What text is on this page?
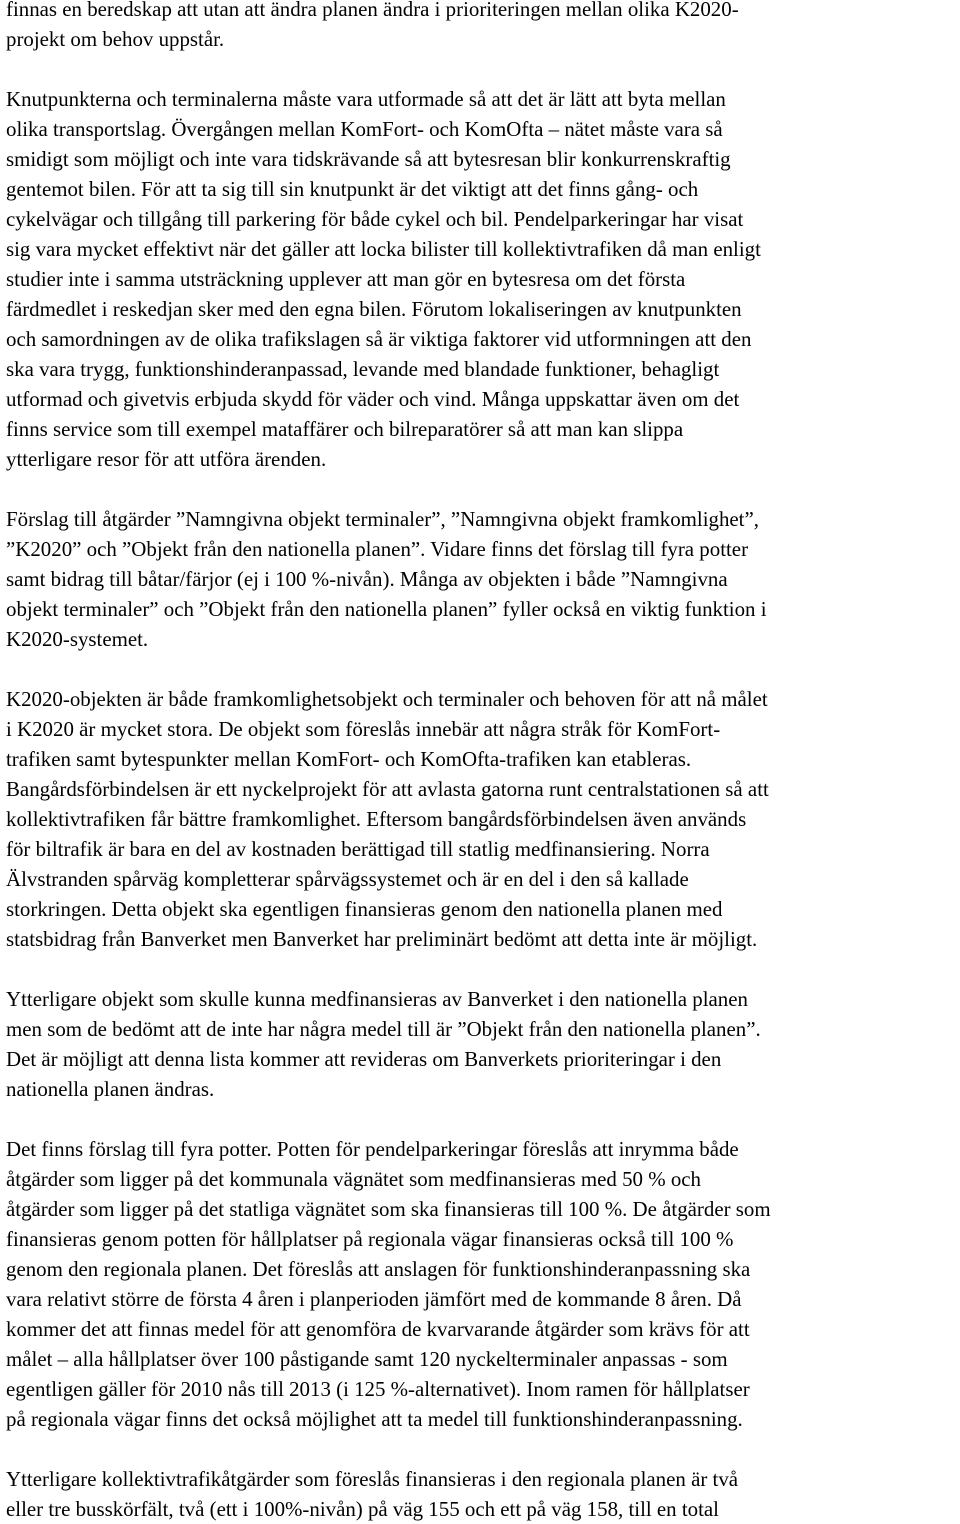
finnas en beredskap att utan att ändra planen ändra i prioriteringen mellan olika K2020-
projekt om behov uppstår.
Knutpunkterna och terminalerna måste vara utformade så att det är lätt att byta mellan
olika transportslag. Övergången mellan KomFort- och KomOfta – nätet måste vara så
smidigt som möjligt och inte vara tidskrävande så att bytesresan blir konkurrenskraftig
gentemot bilen. För att ta sig till sin knutpunkt är det viktigt att det finns gång- och
cykelvägar och tillgång till parkering för både cykel och bil. Pendelparkeringar har visat
sig vara mycket effektivt när det gäller att locka bilister till kollektivtrafiken då man enligt
studier inte i samma utsträckning upplever att man gör en bytesresa om det första
färdmedlet i reskedjan sker med den egna bilen. Förutom lokaliseringen av knutpunkten
och samordningen av de olika trafikslagen så är viktiga faktorer vid utformningen att den
ska vara trygg, funktionshinderanpassad, levande med blandade funktioner, behagligt
utformad och givetvis erbjuda skydd för väder och vind. Många uppskattar även om det
finns service som till exempel mataffärer och bilreparatörer så att man kan slippa
ytterligare resor för att utföra ärenden.
Förslag till åtgärder ”Namngivna objekt terminaler”, ”Namngivna objekt framkomlighet”,
”K2020” och ”Objekt från den nationella planen”. Vidare finns det förslag till fyra potter
samt bidrag till båtar/färjor (ej i 100 %-nivån). Många av objekten i både ”Namngivna
objekt terminaler” och ”Objekt från den nationella planen” fyller också en viktig funktion i
K2020-systemet.
K2020-objekten är både framkomlighetsobjekt och terminaler och behoven för att nå målet
i K2020 är mycket stora. De objekt som föreslås innebär att några stråk för KomFort-
trafiken samt bytespunkter mellan KomFort- och KomOfta-trafiken kan etableras.
Bangårdsförbindelsen är ett nyckelprojekt för att avlasta gatorna runt centralstationen så att
kollektivtrafiken får bättre framkomlighet. Eftersom bangårdsförbindelsen även används
för biltrafik är bara en del av kostnaden berättigad till statlig medfinansiering. Norra
Älvstranden spårväg kompletterar spårvägssystemet och är en del i den så kallade
storkringen. Detta objekt ska egentligen finansieras genom den nationella planen med
statsbidrag från Banverket men Banverket har preliminärt bedömt att detta inte är möjligt.
Ytterligare objekt som skulle kunna medfinansieras av Banverket i den nationella planen
men som de bedömt att de inte har några medel till är ”Objekt från den nationella planen”.
Det är möjligt att denna lista kommer att revideras om Banverkets prioriteringar i den
nationella planen ändras.
Det finns förslag till fyra potter. Potten för pendelparkeringar föreslås att inrymma både
åtgärder som ligger på det kommunala vägnätet som medfinansieras med 50 % och
åtgärder som ligger på det statliga vägnätet som ska finansieras till 100 %. De åtgärder som
finansieras genom potten för hållplatser på regionala vägar finansieras också till 100 %
genom den regionala planen. Det föreslås att anslagen för funktionshinderanpassning ska
vara relativt större de första 4 åren i planperioden jämfört med de kommande 8 åren. Då
kommer det att finnas medel för att genomföra de kvarvarande åtgärder som krävs för att
målet – alla hållplatser över 100 påstigande samt 120 nyckelterminaler anpassas - som
egentligen gäller för 2010 nås till 2013 (i 125 %-alternativet). Inom ramen för hållplatser
på regionala vägar finns det också möjlighet att ta medel till funktionshinderanpassning.
Ytterligare kollektivtrafikåtgärder som föreslås finansieras i den regionala planen är två
eller tre busskörfält, två (ett i 100%-nivån) på väg 155 och ett på väg 158, till en total
